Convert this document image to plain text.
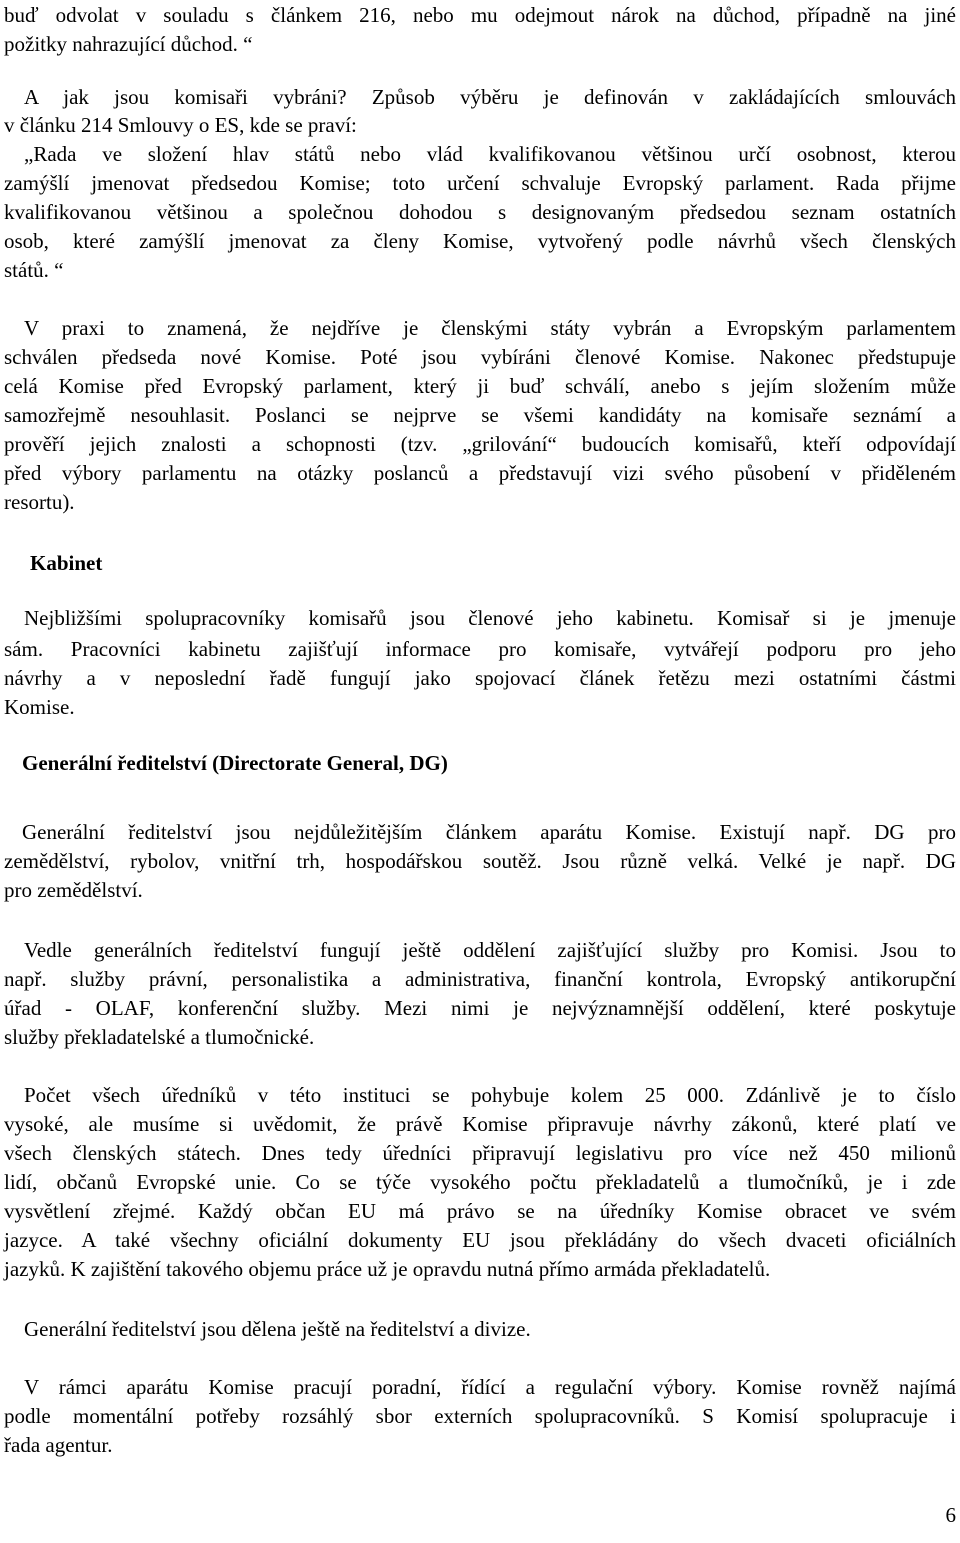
buď odvolat v souladu s článkem 216, nebo mu odejmout nárok na důchod, případně na jiné
požitky nahrazující důchod. “
A jak jsou komisaři vybráni? Způsob výběru je definován v zakládajících smlouvách
v článku 214 Smlouvy o ES, kde se praví:
„Rada ve složení hlav států nebo vlád kvalifikovanou většinou určí osobnost, kterou
zamýšlí jmenovat předsedou Komise; toto určení schvaluje Evropský parlament. Rada přijme
kvalifikovanou většinou a společnou dohodou s designovaným předsedou seznam ostatních
osob, které zamýšlí jmenovat za členy Komise, vytvořený podle návrhů všech členských
států. “
V praxi to znamená, že nejdříve je členskými státy vybrán a Evropským parlamentem
schválen předseda nové Komise. Poté jsou vybíráni členové Komise. Nakonec předstupuje
celá Komise před Evropský parlament, který ji buď schválí, anebo s jejím složením může
samozřejmě nesouhlasit. Poslanci se nejprve se všemi kandidáty na komisaře seznámí a
prověří jejich znalosti a schopnosti (tzv. „grilování“ budoucích komisařů, kteří odpovídají
před výbory parlamentu na otázky poslanců a představují vizi svého působení v přiděleném
resortu).
Kabinet
Nejbližšími spolupracovníky komisařů jsou členové jeho kabinetu. Komisař si je jmenuje
sám. Pracovníci kabinetu zajišťují informace pro komisaře, vytvářejí podporu pro jeho
návrhy a v neposlední řadě fungují jako spojovací článek řetězu mezi ostatními částmi
Komise.
Generální ředitelství (Directorate General, DG)
Generální ředitelství jsou nejdůležitějším článkem aparátu Komise. Existují např. DG pro
zemědělství, rybolov, vnitřní trh, hospodářskou soutěž. Jsou různě velká. Velké je např. DG
pro zemědělství.
Vedle generálních ředitelství fungují ještě oddělení zajišťující služby pro Komisi. Jsou to
např. služby právní, personalistika a administrativa, finanční kontrola, Evropský antikorupční
úřad - OLAF, konferenční služby. Mezi nimi je nejvýznamnější oddělení, které poskytuje
služby překladatelské a tlumočnické.
Počet všech úředníků v této instituci se pohybuje kolem 25 000. Zdánlivě je to číslo
vysoké, ale musíme si uvědomit, že právě Komise připravuje návrhy zákonů, které platí ve
všech členských státech. Dnes tedy úředníci připravují legislativu pro více než 450 milionů
lidí, občanů Evropské unie. Co se týče vysokého počtu překladatelů a tlumočníků, je i zde
vysvětlení zřejmé. Každý občan EU má právo se na úředníky Komise obracet ve svém
jazyce. A také všechny oficiální dokumenty EU jsou překládány do všech dvaceti oficiálních
jazyků. K zajištění takového objemu práce už je opravdu nutná přímo armáda překladatelů.
Generální ředitelství jsou dělena ještě na ředitelství a divize.
V rámci aparátu Komise pracují poradní, řídící a regulační výbory. Komise rovněž najímá
podle momentální potřeby rozsáhlý sbor externích spolupracovníků. S Komisí spolupracuje i
řada agentur.
6
